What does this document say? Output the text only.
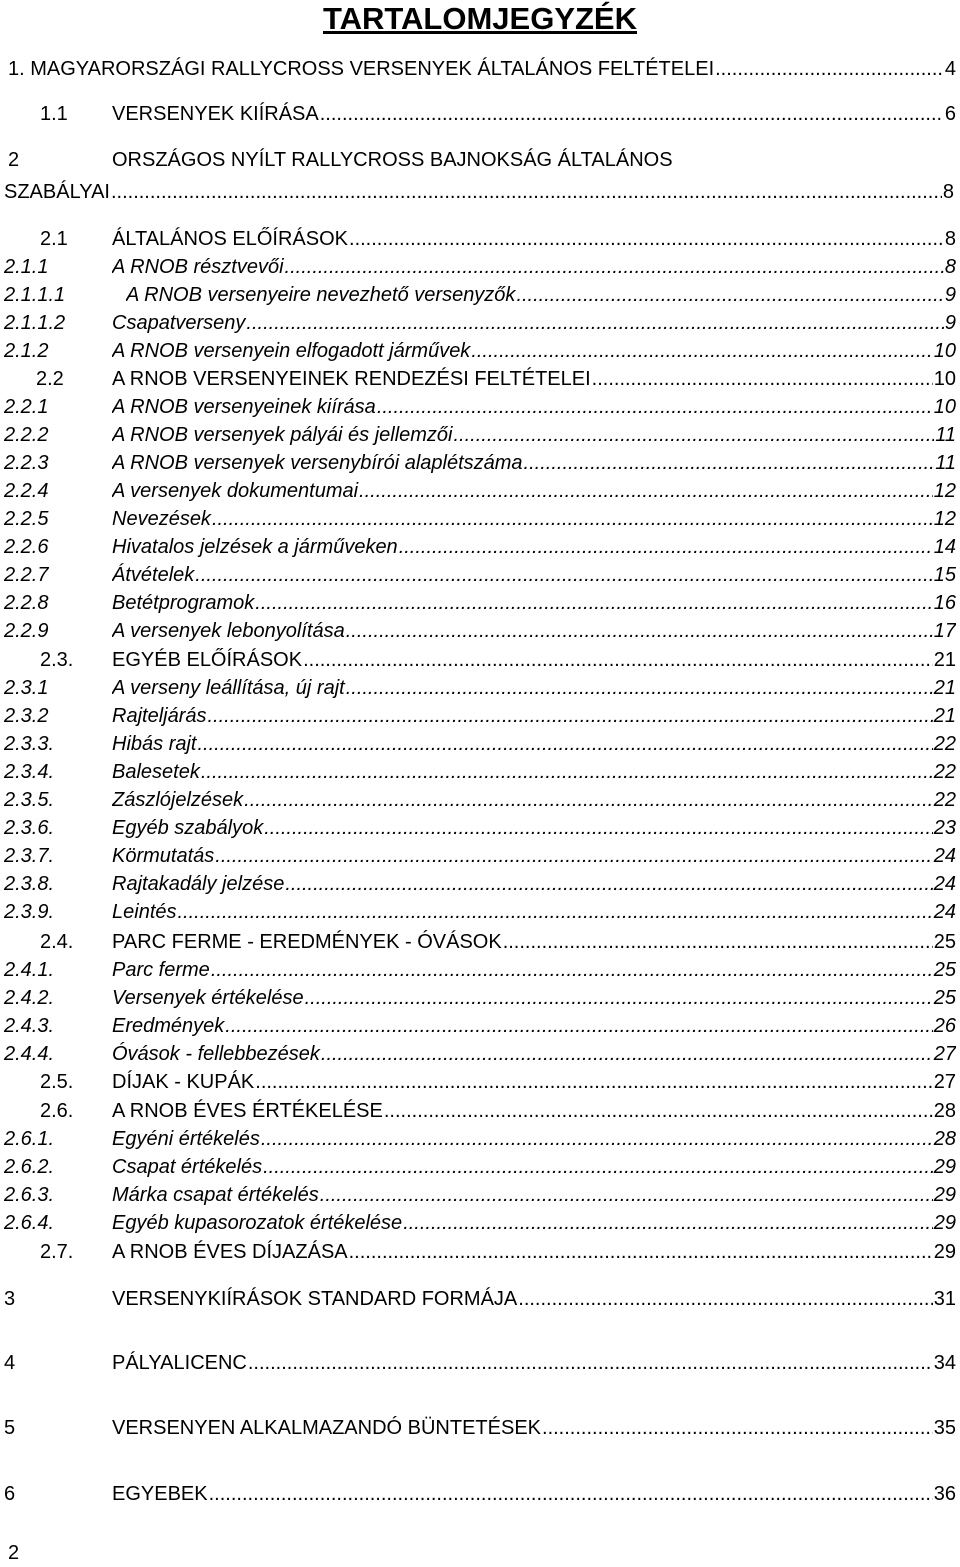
TARTALOMJEGYZÉK
1. MAGYARORSZÁGI RALLYCROSS VERSENYEK ÁLTALÁNOS FELTÉTELEI .....	4
1.1 VERSENYEK KIÍRÁSA .....	6
2	ORSZÁGOS NYÍLT RALLYCROSS BAJNOKSÁG ÁLTALÁNOS
SZABÁLYAI .....	8
2.1 ÁLTALÁNOS ELŐÍRÁSOK .....	8
2.1.1	A RNOB résztvevői .....	8
2.1.1.1	A RNOB versenyeire nevezhető versenyzők .....	9
2.1.1.2 Csapatverseny .....	9
2.1.2	A RNOB versenyein elfogadott járművek .....	10
2.2 A RNOB VERSENYEINEK RENDEZÉSI FELTÉTELEI .....	10
2.2.1	A RNOB versenyeinek kiírása .....	10
2.2.2	A RNOB versenyek pályái és jellemzői .....	11
2.2.3	A RNOB versenyek versenybírói alaplétszáma .....	11
2.2.4	A versenyek dokumentumai .....	12
2.2.5	Nevezések .....	12
2.2.6	Hivatalos jelzések a járműveken .....	14
2.2.7	Átvételek .....	15
2.2.8	Betétprogramok .....	16
2.2.9	A versenyek lebonyolítása .....	17
2.3. EGYÉB ELŐÍRÁSOK .....	21
2.3.1	A verseny leállítása, új rajt .....	21
2.3.2	Rajteljárás .....	21
2.3.3.	Hibás rajt .....	22
2.3.4.	Balesetek .....	22
2.3.5.	Zászlójelzések .....	22
2.3.6.	Egyéb szabályok .....	23
2.3.7.	Körmutatás .....	24
2.3.8.	Rajtakadály jelzése .....	24
2.3.9.	Leintés .....	24
2.4. PARC FERME - EREDMÉNYEK - ÓVÁSOK .....	25
2.4.1.	Parc ferme .....	25
2.4.2.	Versenyek értékelése .....	25
2.4.3.	Eredmények .....	26
2.4.4.	Óvások - fellebbezések .....	27
2.5. DÍJAK - KUPÁK .....	27
2.6. A RNOB ÉVES ÉRTÉKELÉSE .....	28
2.6.1.	Egyéni értékelés .....	28
2.6.2.	Csapat értékelés .....	29
2.6.3.	Márka csapat értékelés .....	29
2.6.4.	Egyéb kupasorozatok értékelése .....	29
2.7. A RNOB ÉVES DÍJAZÁSA .....	29
3	VERSENYKIÍRÁSOK STANDARD FORMÁJA .....	31
4	PÁLYALICENC .....	34
5	VERSENYEN ALKALMAZANDÓ BÜNTETÉSEK .....	35
6	EGYEBEK .....	36
2
